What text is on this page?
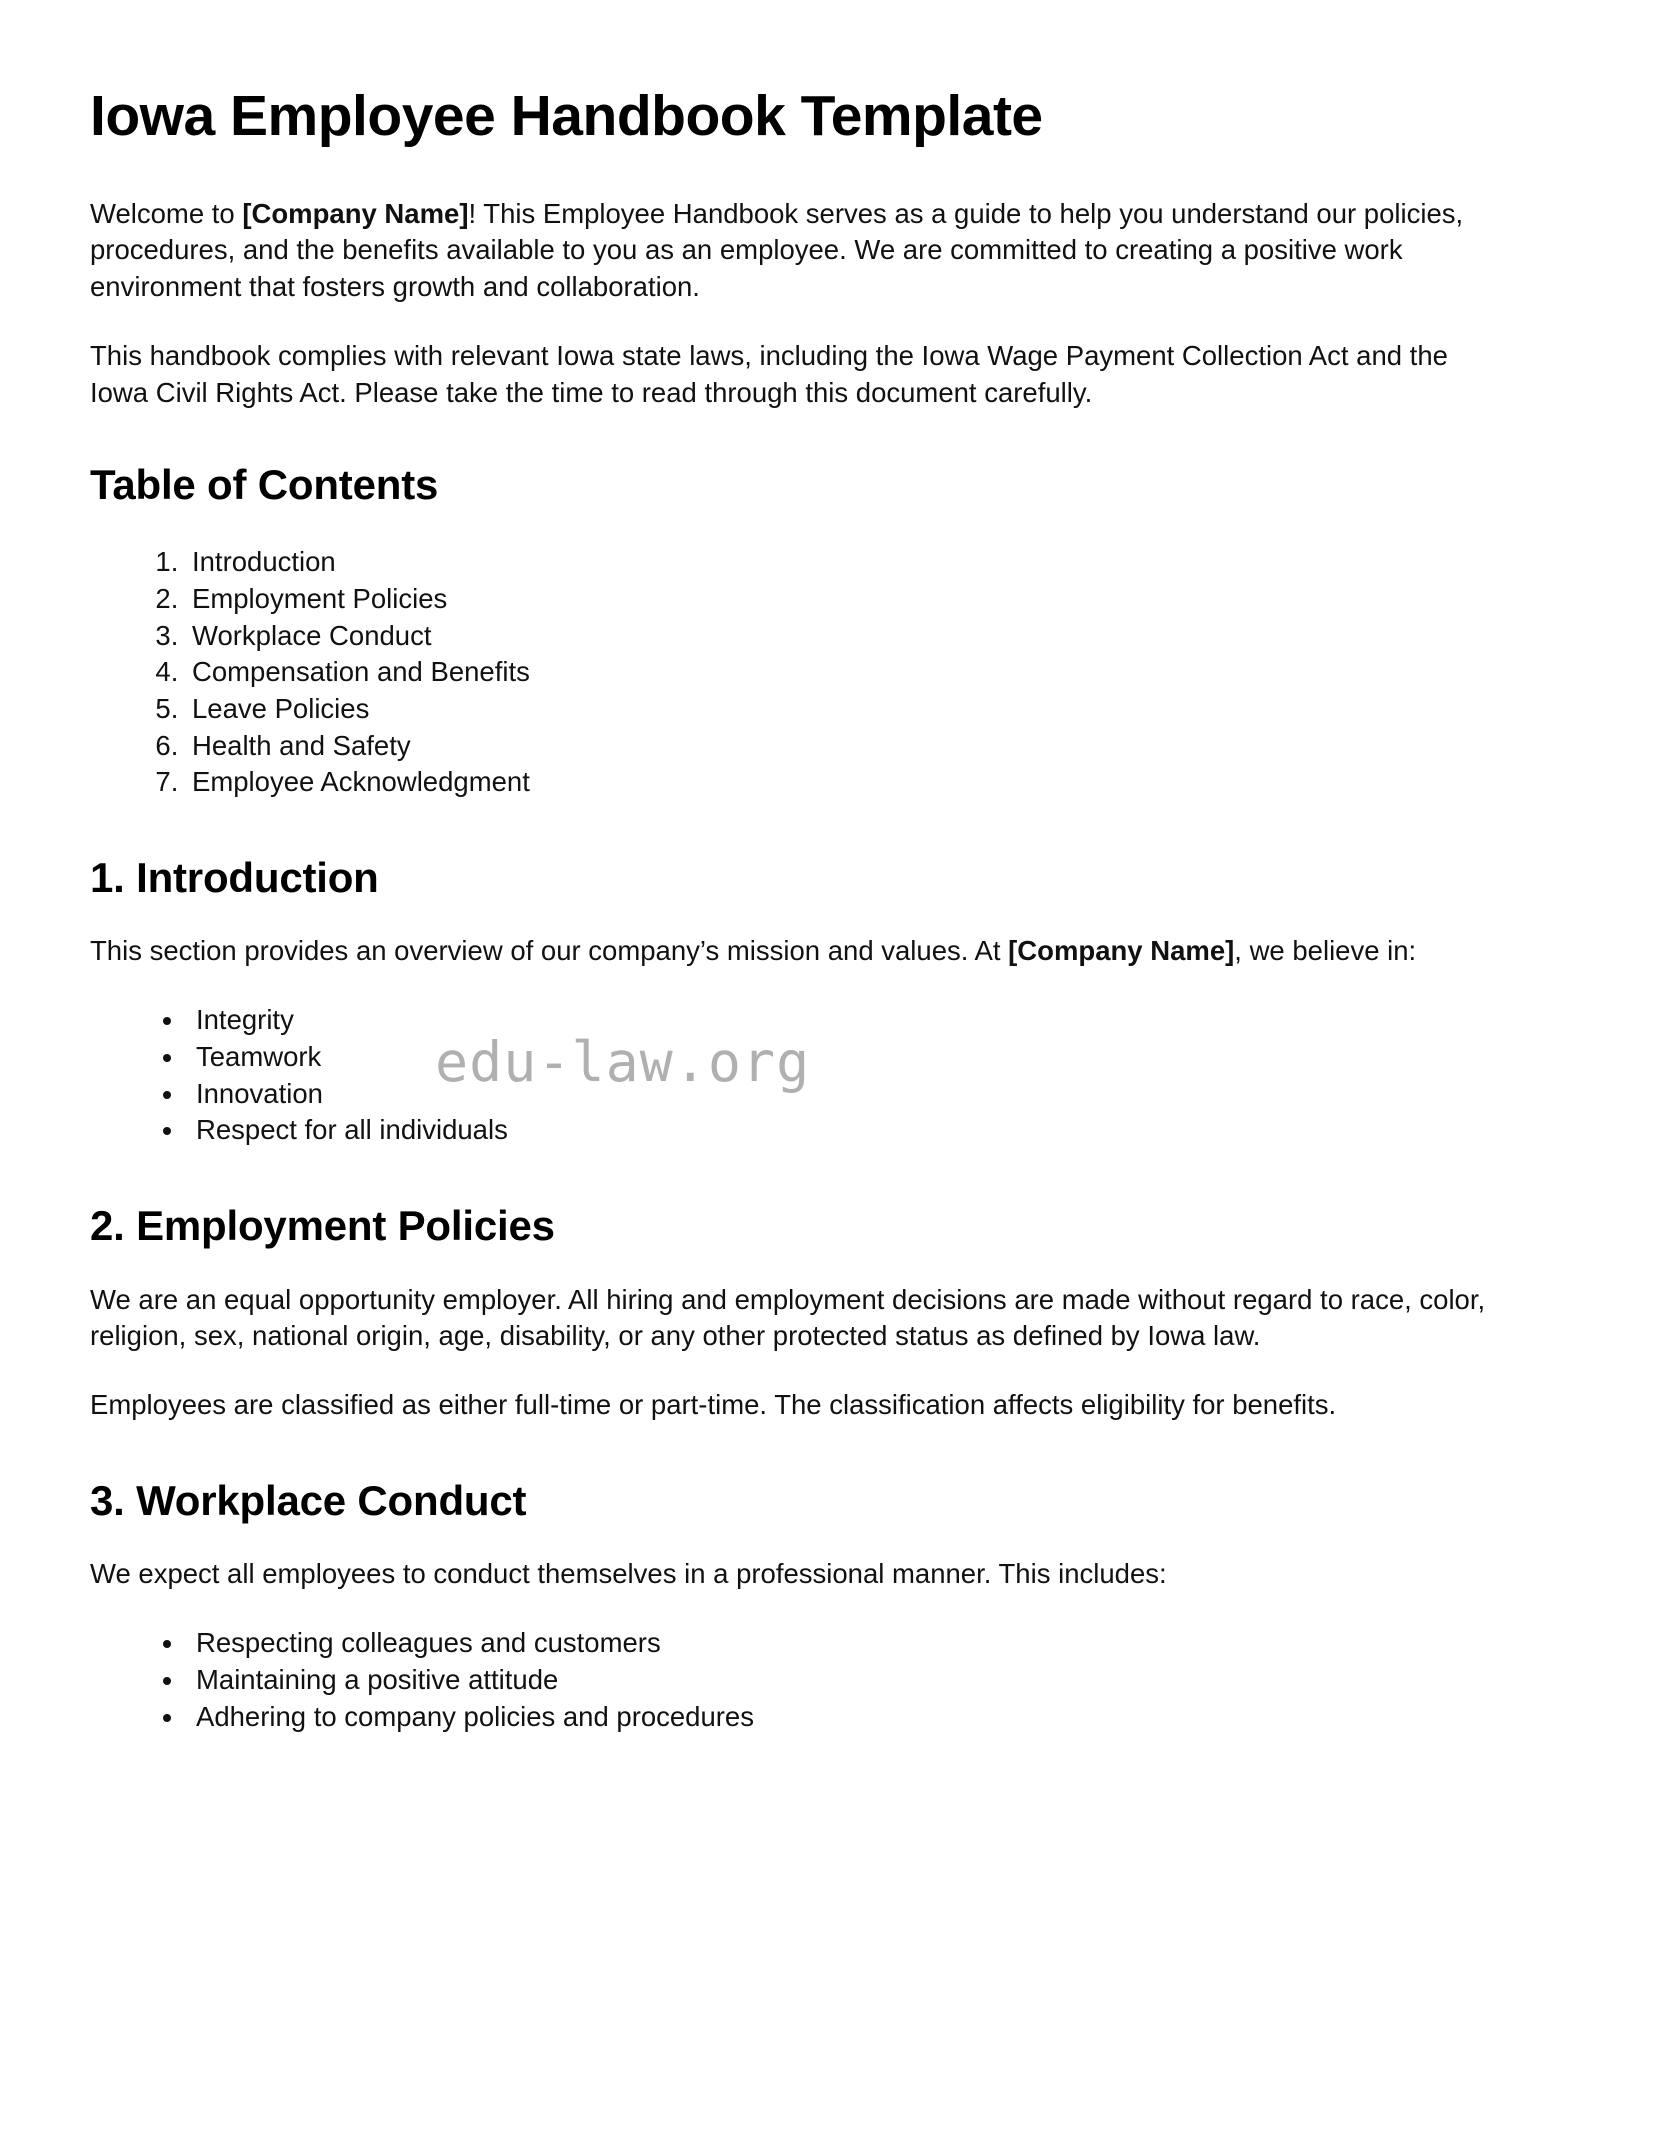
edu-law.org
Iowa Employee Handbook Template

Welcome to [Company Name]! This Employee Handbook serves as a guide to help you understand our policies, procedures, and the benefits available to you as an employee. We are committed to creating a positive work environment that fosters growth and collaboration.

This handbook complies with relevant Iowa state laws, including the Iowa Wage Payment Collection Act and the Iowa Civil Rights Act. Please take the time to read through this document carefully.

Table of Contents
1. Introduction
2. Employment Policies
3. Workplace Conduct
4. Compensation and Benefits
5. Leave Policies
6. Health and Safety
7. Employee Acknowledgment
1. Introduction

This section provides an overview of our company’s mission and values. At [Company Name], we believe in:

• Integrity
• Teamwork
• Innovation
• Respect for all individuals
2. Employment Policies

We are an equal opportunity employer. All hiring and employment decisions are made without regard to race, color, religion, sex, national origin, age, disability, or any other protected status as defined by Iowa law.

Employees are classified as either full-time or part-time. The classification affects eligibility for benefits.

3. Workplace Conduct

We expect all employees to conduct themselves in a professional manner. This includes:

• Respecting colleagues and customers
• Maintaining a positive attitude
• Adhering to company policies and procedures
